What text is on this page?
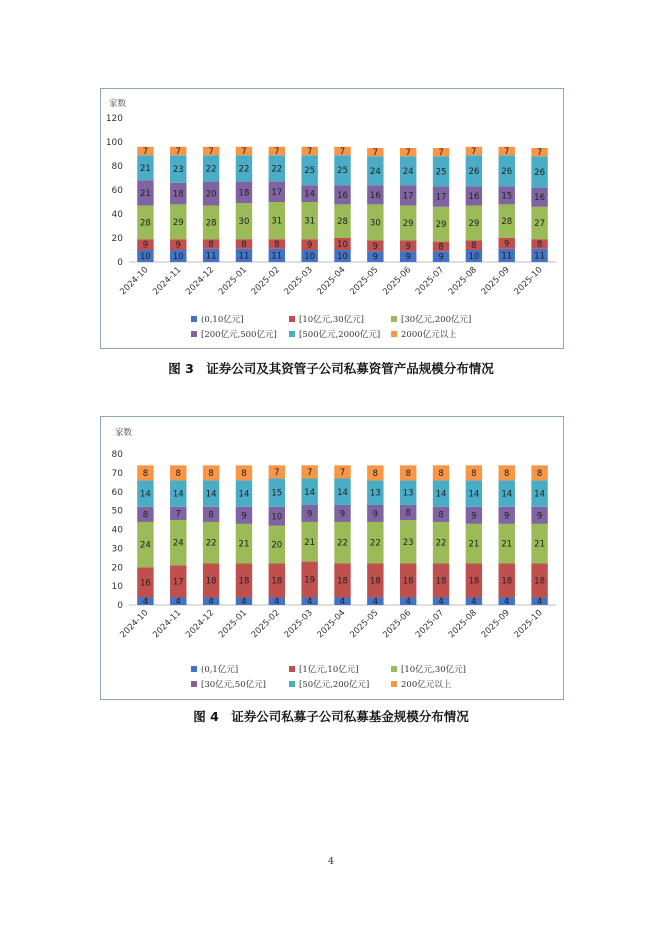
家数
0
20
40
60
80
100
120
10
9
28
21
21
7
2024-10
10
9
29
18
23
7
2024-11
11
8
28
20
22
7
2024-12
11
8
30
18
22
7
2025-01
11
8
31
17
22
7
2025-02
10
9
31
14
25
7
2025-03
10
10
28
16
25
7
2025-04
9
9
30
16
24
7
2025-05
9
9
29
17
24
7
2025-06
9
8
29
17
25
7
2025-07
10
8
29
16
26
7
2025-08
11
9
28
15
26
7
2025-09
11
8
27
16
26
7
2025-10
(0,10亿元]	[10亿元,30亿元]	[30亿元,200亿元]
[200亿元,500亿元]	[500亿元,2000亿元] 2000亿元以上
图 3　证券公司及其资管子公司私募资管产品规模分布情况
家数
0
10
20
30
40
50
60
70
80
4
16
24
8
14
8
2024-10
4
17
24
7
14
8
2024-11
4
18
22
8
14
8
2024-12
4
18
21
9
14
8
2025-01
4
18
20
10
15
7
2025-02
4
19
21
9
14
7
2025-03
4
18
22
9
14
7
2025-04
4
18
22
9
13
8
2025-05
4
18
23
8
13
8
2025-06
4
18
22
8
14
8
2025-07
4
18
21
9
14
8
2025-08
4
18
21
9
14
8
2025-09
4
18
21
9
14
8
2025-10
(0,1亿元]	[1亿元,10亿元]	[10亿元,30亿元]
[30亿元,50亿元]	[50亿元,200亿元]	200亿元以上
图 4　证券公司私募子公司私募基金规模分布情况
4
